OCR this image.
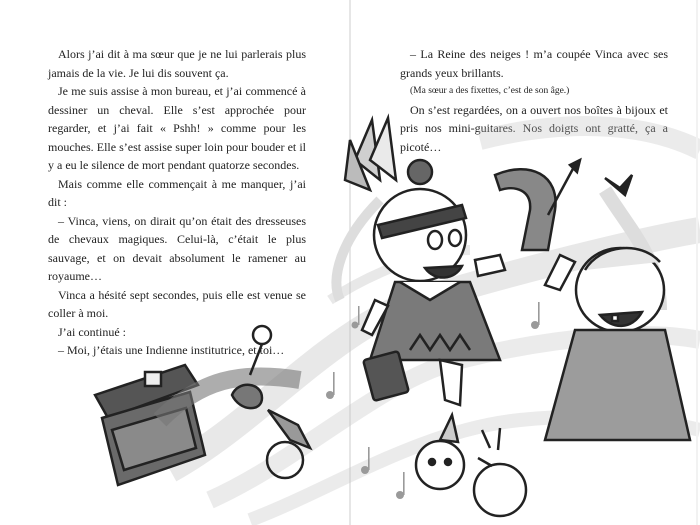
Alors j’ai dit à ma sœur que je ne lui parlerais plus jamais de la vie. Je lui dis souvent ça.

Je me suis assise à mon bureau, et j’ai commencé à dessiner un cheval. Elle s’est approchée pour regarder, et j’ai fait « Pshh! » comme pour les mouches. Elle s’est assise super loin pour bouder et il y a eu le silence de mort pendant quatorze secondes.

Mais comme elle commençait à me manquer, j’ai dit :

– Vinca, viens, on dirait qu’on était des dresseuses de chevaux magiques. Celui-là, c’était le plus sauvage, et on devait absolument le ramener au royaume…

Vinca a hésité sept secondes, puis elle est venue se coller à moi.

J’ai continué :

– Moi, j’étais une Indienne institutrice, et toi…

– La Reine des neiges ! m’a coupée Vinca avec ses grands yeux brillants.

(Ma sœur a des fixettes, c’est de son âge.)

On s’est regardées, on a ouvert nos boîtes à bijoux et pris nos mini-guitares. Nos doigts ont gratté, ça a picoté…
